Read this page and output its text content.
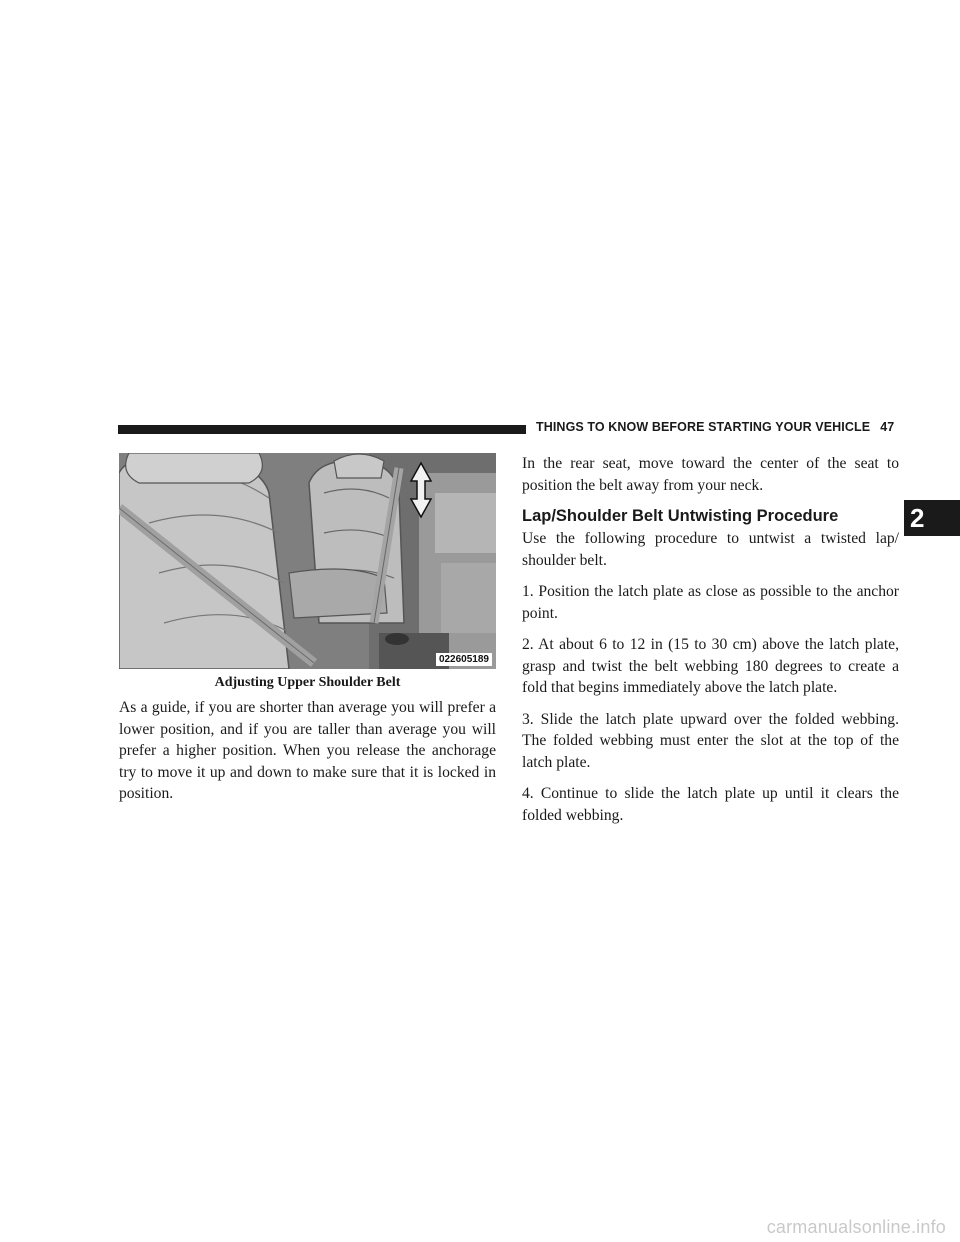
THINGS TO KNOW BEFORE STARTING YOUR VEHICLE 47
2
022605189
Adjusting Upper Shoulder Belt

As a guide, if you are shorter than average you will prefer a lower position, and if you are taller than average you will prefer a higher position. When you release the anchorage try to move it up and down to make sure that it is locked in position.

In the rear seat, move toward the center of the seat to position the belt away from your neck.

Lap/Shoulder Belt Untwisting Procedure

Use the following procedure to untwist a twisted lap/ shoulder belt.

1. Position the latch plate as close as possible to the anchor point.

2. At about 6 to 12 in (15 to 30 cm) above the latch plate, grasp and twist the belt webbing 180 degrees to create a fold that begins immediately above the latch plate.

3. Slide the latch plate upward over the folded webbing. The folded webbing must enter the slot at the top of the latch plate.

4. Continue to slide the latch plate up until it clears the folded webbing.

carmanualsonline.info
